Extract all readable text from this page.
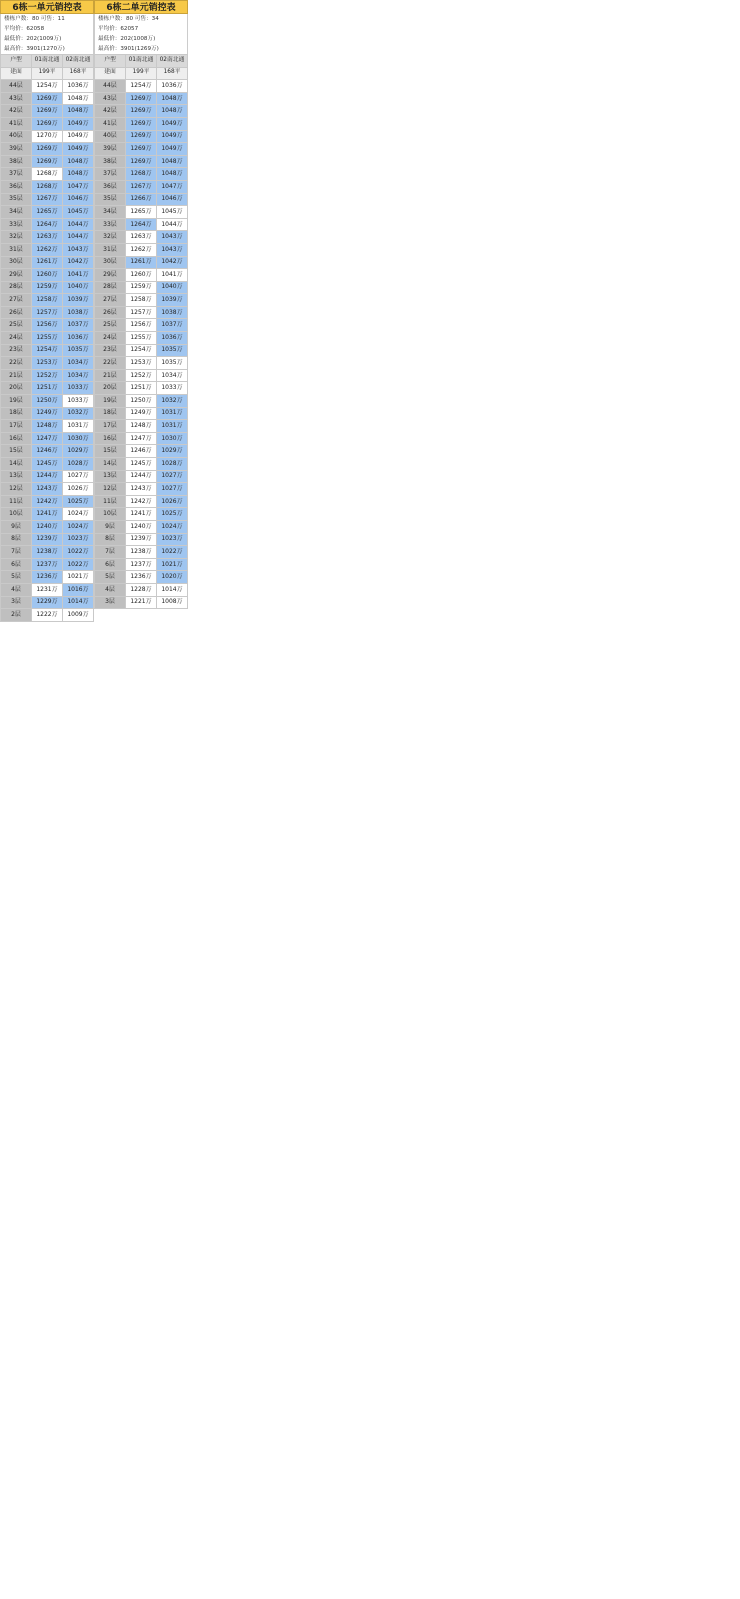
6栋一单元销控表
楼栋户数：80 可售：11
平均价：62058
最低价：202(1009万)
最高价：3901(1270万)
户型	01南北通	02南北通
建面	199平	168平
44层	1254万	1036万
43层	1269万	1048万
42层	1269万	1048万
41层	1269万	1049万
40层	1270万	1049万
39层	1269万	1049万
38层	1269万	1048万
37层	1268万	1048万
36层	1268万	1047万
35层	1267万	1046万
34层	1265万	1045万
33层	1264万	1044万
32层	1263万	1044万
31层	1262万	1043万
30层	1261万	1042万
29层	1260万	1041万
28层	1259万	1040万
27层	1258万	1039万
26层	1257万	1038万
25层	1256万	1037万
24层	1255万	1036万
23层	1254万	1035万
22层	1253万	1034万
21层	1252万	1034万
20层	1251万	1033万
19层	1250万	1033万
18层	1249万	1032万
17层	1248万	1031万
16层	1247万	1030万
15层	1246万	1029万
14层	1245万	1028万
13层	1244万	1027万
12层	1243万	1026万
11层	1242万	1025万
10层	1241万	1024万
9层	1240万	1024万
8层	1239万	1023万
7层	1238万	1022万
6层	1237万	1022万
5层	1236万	1021万
4层	1231万	1016万
3层	1229万	1014万
2层	1222万	1009万
6栋二单元销控表
楼栋户数：80 可售：34
平均价：62057
最低价：202(1008万)
最高价：3901(1269万)
户型	01南北通	02南北通
建面	199平	168平
44层	1254万	1036万
43层	1269万	1048万
42层	1269万	1048万
41层	1269万	1049万
40层	1269万	1049万
39层	1269万	1049万
38层	1269万	1048万
37层	1268万	1048万
36层	1267万	1047万
35层	1266万	1046万
34层	1265万	1045万
33层	1264万	1044万
32层	1263万	1043万
31层	1262万	1043万
30层	1261万	1042万
29层	1260万	1041万
28层	1259万	1040万
27层	1258万	1039万
26层	1257万	1038万
25层	1256万	1037万
24层	1255万	1036万
23层	1254万	1035万
22层	1253万	1035万
21层	1252万	1034万
20层	1251万	1033万
19层	1250万	1032万
18层	1249万	1031万
17层	1248万	1031万
16层	1247万	1030万
15层	1246万	1029万
14层	1245万	1028万
13层	1244万	1027万
12层	1243万	1027万
11层	1242万	1026万
10层	1241万	1025万
9层	1240万	1024万
8层	1239万	1023万
7层	1238万	1022万
6层	1237万	1021万
5层	1236万	1020万
4层	1228万	1014万
3层	1221万	1008万
